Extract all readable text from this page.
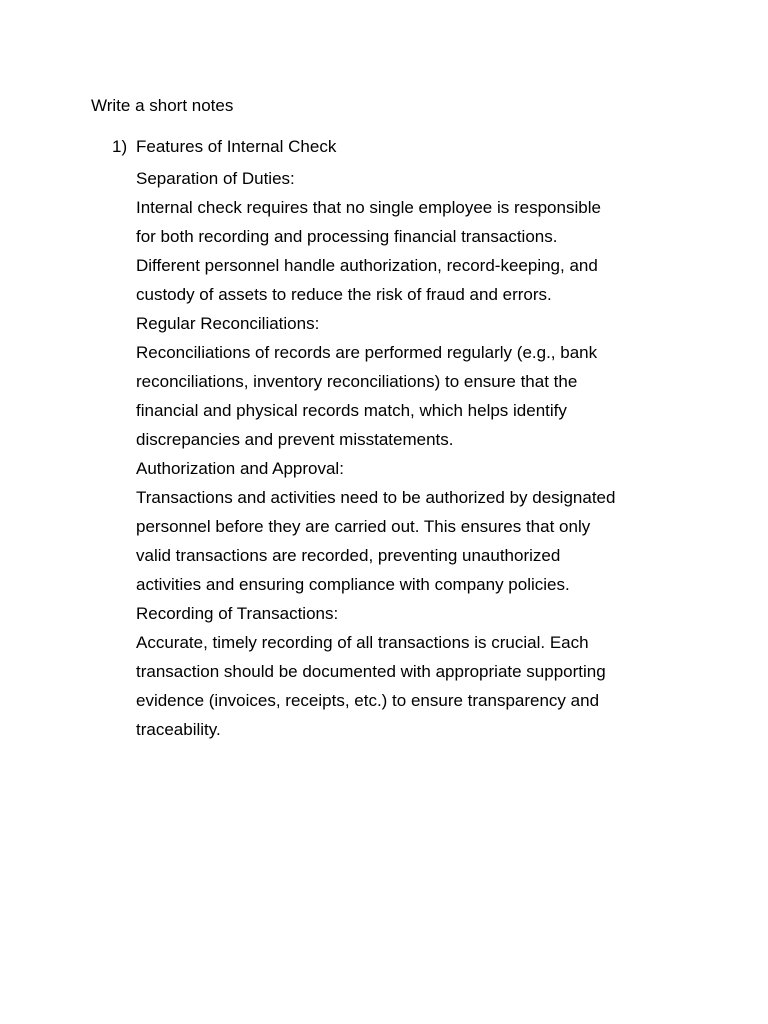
Write a short notes
1) Features of Internal Check
Separation of Duties:
Internal check requires that no single employee is responsible
for both recording and processing financial transactions.
Different personnel handle authorization, record-keeping, and
custody of assets to reduce the risk of fraud and errors.
Regular Reconciliations:
Reconciliations of records are performed regularly (e.g., bank
reconciliations, inventory reconciliations) to ensure that the
financial and physical records match, which helps identify
discrepancies and prevent misstatements.
Authorization and Approval:
Transactions and activities need to be authorized by designated
personnel before they are carried out. This ensures that only
valid transactions are recorded, preventing unauthorized
activities and ensuring compliance with company policies.
Recording of Transactions:
Accurate, timely recording of all transactions is crucial. Each
transaction should be documented with appropriate supporting
evidence (invoices, receipts, etc.) to ensure transparency and
traceability.
